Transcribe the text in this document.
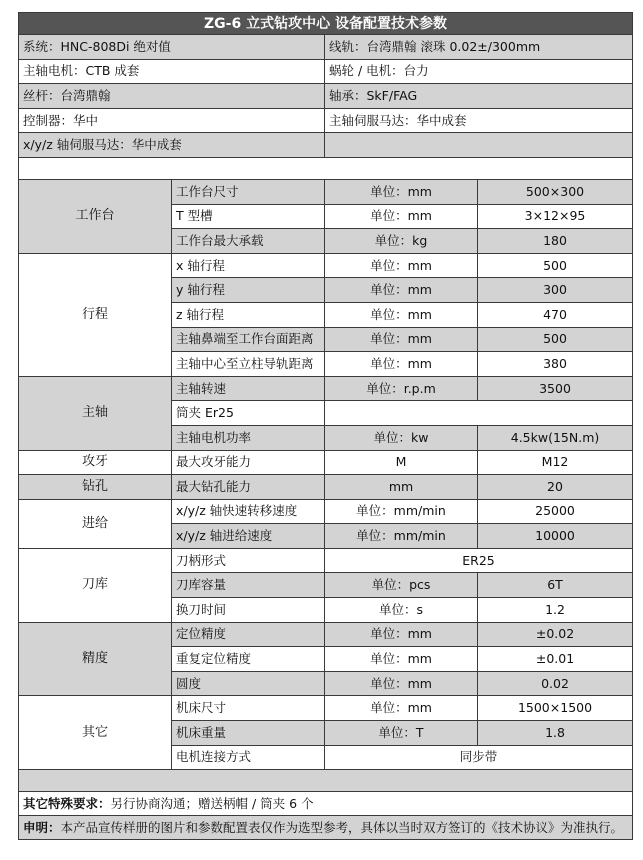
ZG-6 立式钻攻中心 设备配置技术参数			
系统：HNC-808Di 绝对值		线轨：台湾鼎翰 滚珠 0.02±/300mm	
主轴电机：CTB 成套		蜗轮 / 电机：台力	
丝杆：台湾鼎翰		轴承：SkF/FAG	
控制器：华中		主轴伺服马达：华中成套	
x/y/z 轴伺服马达：华中成套			

工作台	工作台尺寸	单位：mm	500×300
	T 型槽	单位：mm	3×12×95
	工作台最大承载	单位：kg	180
行程	x 轴行程	单位：mm	500
	y 轴行程	单位：mm	300
	z 轴行程	单位：mm	470
	主轴鼻端至工作台面距离	单位：mm	500
	主轴中心至立柱导轨距离	单位：mm	380
主轴	主轴转速	单位：r.p.m	3500
	筒夹 Er25		
	主轴电机功率	单位：kw	4.5kw(15N.m)
攻牙	最大攻牙能力	M	M12
钻孔	最大钻孔能力	mm	20
进给	x/y/z 轴快速转移速度	单位：mm/min	25000
	x/y/z 轴进给速度	单位：mm/min	10000
刀库	刀柄形式	ER25	
	刀库容量	单位：pcs	6T
	换刀时间	单位：s	1.2
精度	定位精度	单位：mm	±0.02
	重复定位精度	单位：mm	±0.01
	圆度	单位：mm	0.02
其它	机床尺寸	单位：mm	1500×1500
	机床重量	单位：T	1.8
	电机连接方式	同步带	

其它特殊要求：另行协商沟通；赠送柄帽 / 筒夹 6 个			
申明：本产品宣传样册的图片和参数配置表仅作为选型参考，具体以当时双方签订的《技术协议》为准执行。			
